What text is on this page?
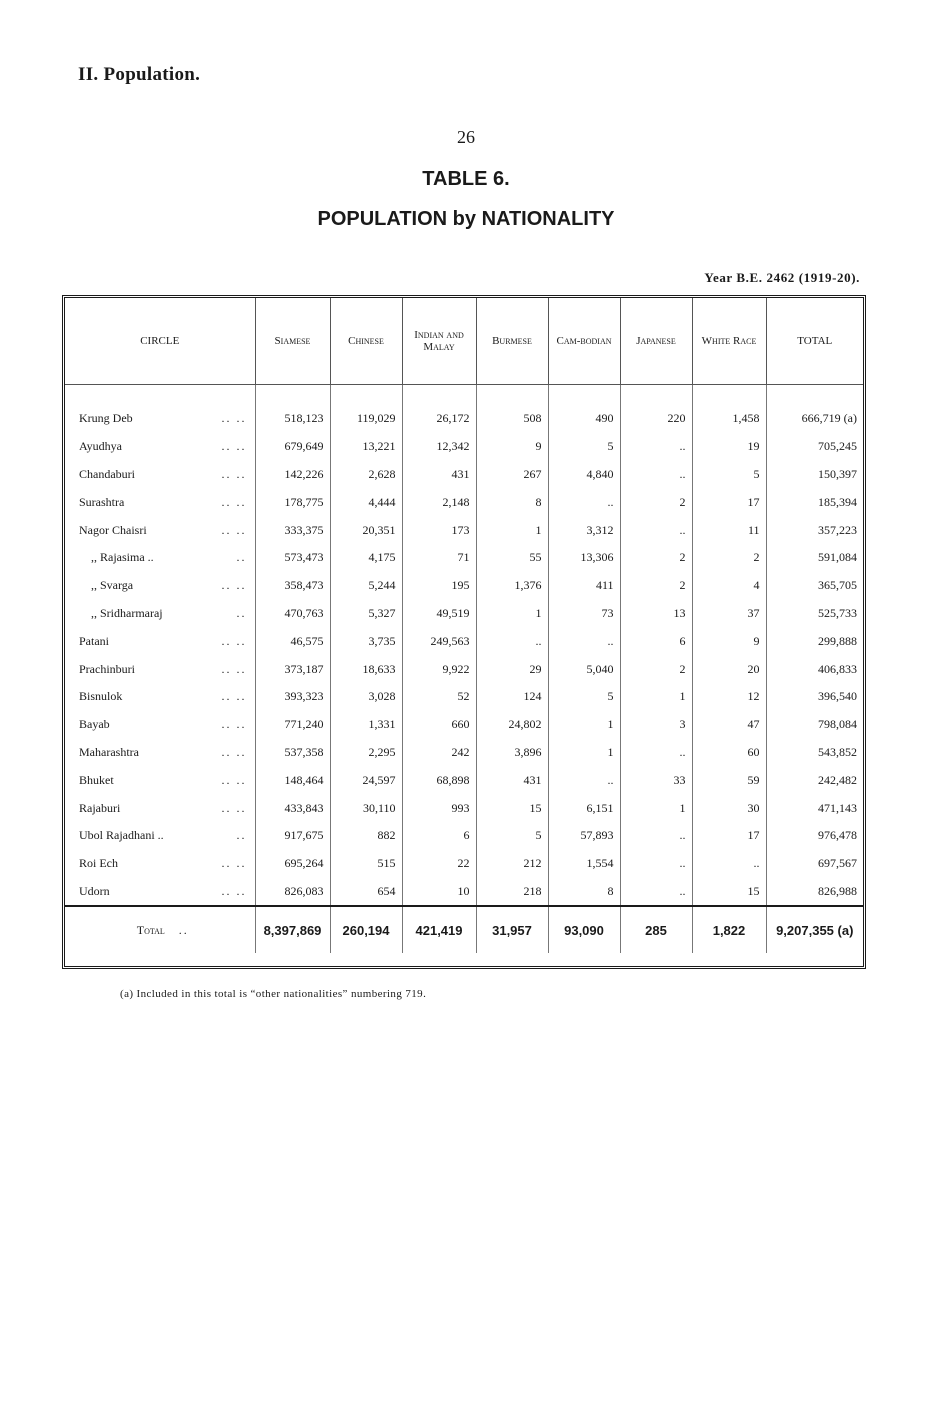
II. Population.
26
TABLE 6.
POPULATION by NATIONALITY
Year B.E. 2462 (1919-20).
CIRCLE	Siamese	Chinese	Indian and Malay	Burmese	Cam-bodian	Japanese	White Race	TOTAL

Krung Deb .. ..	518,123	119,029	26,172	508	490	220	1,458	666,719 (a)
Ayudhya .. ..	679,649	13,221	12,342	9	5	..	19	705,245
Chandaburi .. ..	142,226	2,628	431	267	4,840	..	5	150,397
Surashtra .. ..	178,775	4,444	2,148	8	..	2	17	185,394
Nagor Chaisri .. ..	333,375	20,351	173	1	3,312	..	11	357,223
,, Rajasima .. ..	573,473	4,175	71	55	13,306	2	2	591,084
,, Svarga .. ..	358,473	5,244	195	1,376	411	2	4	365,705
,, Sridharmaraj ..	470,763	5,327	49,519	1	73	13	37	525,733
Patani .. ..	46,575	3,735	249,563	..	..	6	9	299,888
Prachinburi .. ..	373,187	18,633	9,922	29	5,040	2	20	406,833
Bisnulok .. ..	393,323	3,028	52	124	5	1	12	396,540
Bayab .. ..	771,240	1,331	660	24,802	1	3	47	798,084
Maharashtra .. ..	537,358	2,295	242	3,896	1	..	60	543,852
Bhuket .. ..	148,464	24,597	68,898	431	..	33	59	242,482
Rajaburi .. ..	433,843	30,110	993	15	6,151	1	30	471,143
Ubol Rajadhani .. ..	917,675	882	6	5	57,893	..	17	976,478
Roi Ech .. ..	695,264	515	22	212	1,554	..	..	697,567
Udorn .. ..	826,083	654	10	218	8	..	15	826,988
Total ..	8,397,869	260,194	421,419	31,957	93,090	285	1,822	9,207,355 (a)
(a) Included in this total is “other nationalities” numbering 719.
